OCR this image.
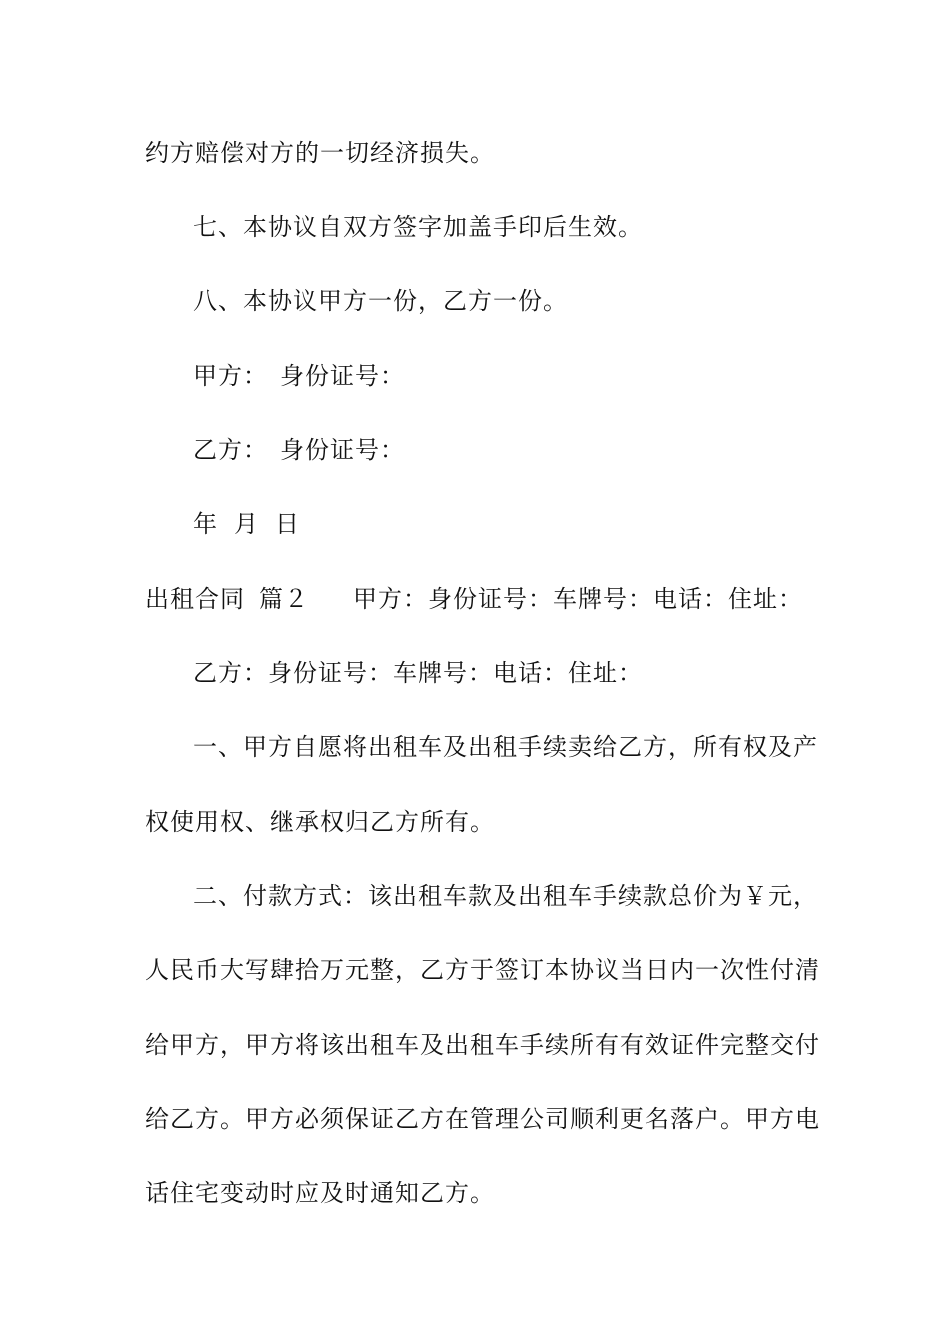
约方赔偿对方的一切经济损失。
七、本协议自双方签字加盖手印后生效。
八、本协议甲方一份，乙方一份。
甲方： 身份证号：
乙方： 身份证号：
年 月 日
出租合同 篇２ 甲方：身份证号：车牌号：电话：住址：
乙方：身份证号：车牌号：电话：住址：
一、甲方自愿将出租车及出租手续卖给乙方，所有权及产
权使用权、继承权归乙方所有。
二、付款方式：该出租车款及出租车手续款总价为￥元，
人民币大写肆拾万元整，乙方于签订本协议当日内一次性付清
给甲方，甲方将该出租车及出租车手续所有有效证件完整交付
给乙方。甲方必须保证乙方在管理公司顺利更名落户。甲方电
话住宅变动时应及时通知乙方。
